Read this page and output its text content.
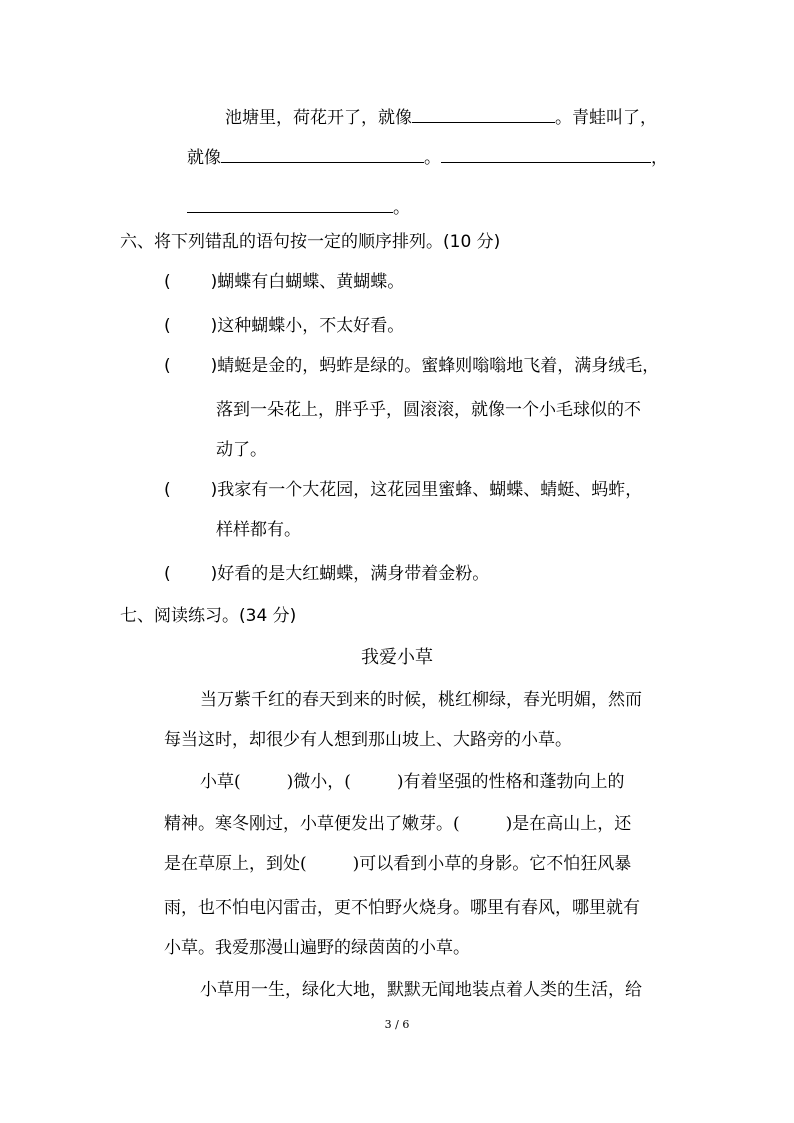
池塘里，荷花开了，就像	。青蛙叫了，
就像	。	，
。
六、将下列错乱的语句按一定的顺序排列。(10 分)
( )蝴蝶有白蝴蝶、黄蝴蝶。
( )这种蝴蝶小，不太好看。
( )蜻蜓是金的，蚂蚱是绿的。蜜蜂则嗡嗡地飞着，满身绒毛，
落到一朵花上，胖乎乎，圆滚滚，就像一个小毛球似的不
动了。
( )我家有一个大花园，这花园里蜜蜂、蝴蝶、蜻蜓、蚂蚱，
样样都有。
( )好看的是大红蝴蝶，满身带着金粉。
七、阅读练习。(34 分)
我爱小草
当万紫千红的春天到来的时候，桃红柳绿，春光明媚，然而
每当这时，却很少有人想到那山坡上、大路旁的小草。
小草(	)微小，(	)有着坚强的性格和蓬勃向上的
精神。寒冬刚过，小草便发出了嫩芽。(	)是在高山上，还
是在草原上，到处(	)可以看到小草的身影。它不怕狂风暴
雨，也不怕电闪雷击，更不怕野火烧身。哪里有春风，哪里就有
小草。我爱那漫山遍野的绿茵茵的小草。
小草用一生，绿化大地，默默无闻地装点着人类的生活，给
3 / 6
